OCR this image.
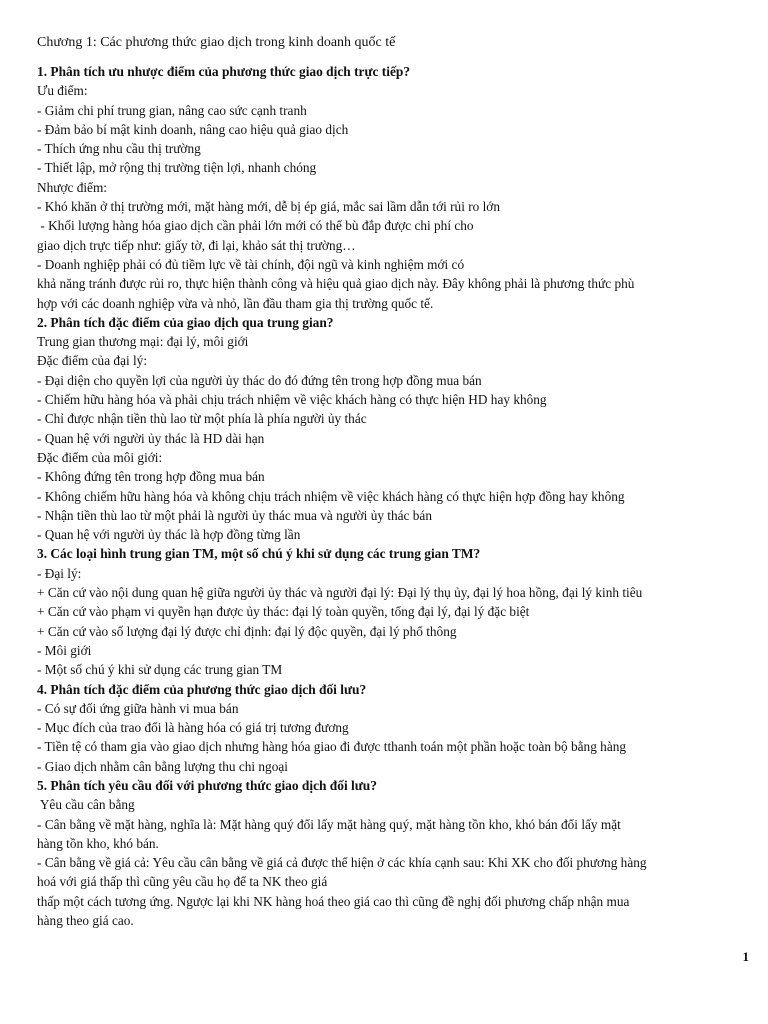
Chương 1: Các phương thức giao dịch trong kinh doanh quốc tế
1. Phân tích ưu nhược điểm của phương thức giao dịch trực tiếp?
Ưu điểm:
- Giảm chi phí trung gian, nâng cao sức cạnh tranh
- Đảm bảo bí mật kinh doanh, nâng cao hiệu quả giao dịch
- Thích ứng nhu cầu thị trường
- Thiết lập, mở rộng thị trường tiện lợi, nhanh chóng
Nhược điểm:
- Khó khăn ở thị trường mới, mặt hàng mới, dễ bị ép giá, mắc sai lầm dẫn tới rủi ro lớn
- Khối lượng hàng hóa giao dịch cần phải lớn mới có thể bù đắp được chi phí cho
giao dịch trực tiếp như: giấy tờ, đi lại, khảo sát thị trường…
- Doanh nghiệp phải có đủ tiềm lực về tài chính, đội ngũ và kinh nghiệm mới có
khả năng tránh được rủi ro, thực hiện thành công và hiệu quả giao dịch này. Đây không phải là phương thức phù
hợp với các doanh nghiệp vừa và nhỏ, lần đầu tham gia thị trường quốc tế.
2. Phân tích đặc điểm của giao dịch qua trung gian?
Trung gian thương mại: đại lý, môi giới
Đặc điểm của đại lý:
- Đại diện cho quyền lợi của người ủy thác do đó đứng tên trong hợp đồng mua bán
- Chiếm hữu hàng hóa và phải chịu trách nhiệm về việc khách hàng có thực hiện HD hay không
- Chỉ được nhận tiền thù lao từ một phía là phía người ủy thác
- Quan hệ với người ủy thác là HD dài hạn
Đặc điểm của môi giới:
- Không đứng tên trong hợp đồng mua bán
- Không chiếm hữu hàng hóa và không chịu trách nhiệm về việc khách hàng có thực hiện hợp đồng hay không
- Nhận tiền thù lao từ một phải là người ủy thác mua và người ủy thác bán
- Quan hệ với người ủy thác là hợp đồng từng lần
3. Các loại hình trung gian TM, một số chú ý khi sử dụng các trung gian TM?
- Đại lý:
+ Căn cứ vào nội dung quan hệ giữa người ủy thác và người đại lý: Đại lý thụ ủy, đại lý hoa hồng, đại lý kinh tiêu
+ Căn cứ vào phạm vi quyền hạn được ủy thác: đại lý toàn quyền, tổng đại lý, đại lý đặc biệt
+ Căn cứ vào số lượng đại lý được chỉ định: đại lý độc quyền, đại lý phổ thông
- Môi giới
- Một số chú ý khi sử dụng các trung gian TM
4. Phân tích đặc điểm của phương thức giao dịch đối lưu?
- Có sự đối ứng giữa hành vi mua bán
- Mục đích của trao đổi là hàng hóa có giá trị tương đương
- Tiền tệ có tham gia vào giao dịch nhưng hàng hóa giao đi được tthanh toán một phần hoặc toàn bộ bằng hàng
- Giao dịch nhằm cân bằng lượng thu chi ngoại
5. Phân tích yêu cầu đối với phương thức giao dịch đối lưu?
Yêu cầu cân bằng
- Cân bằng về mặt hàng, nghĩa là: Mặt hàng quý đổi lấy mặt hàng quý, mặt hàng tồn kho, khó bán đổi lấy mặt
hàng tồn kho, khó bán.
- Cân bằng về giá cả: Yêu cầu cân bằng về giá cả được thể hiện ở các khía cạnh sau: Khi XK cho đối phương hàng
hoá với giá thấp thì cũng yêu cầu họ để ta NK theo giá
thấp một cách tương ứng. Ngược lại khi NK hàng hoá theo giá cao thì cũng đề nghị đối phương chấp nhận mua
hàng theo giá cao.
1
